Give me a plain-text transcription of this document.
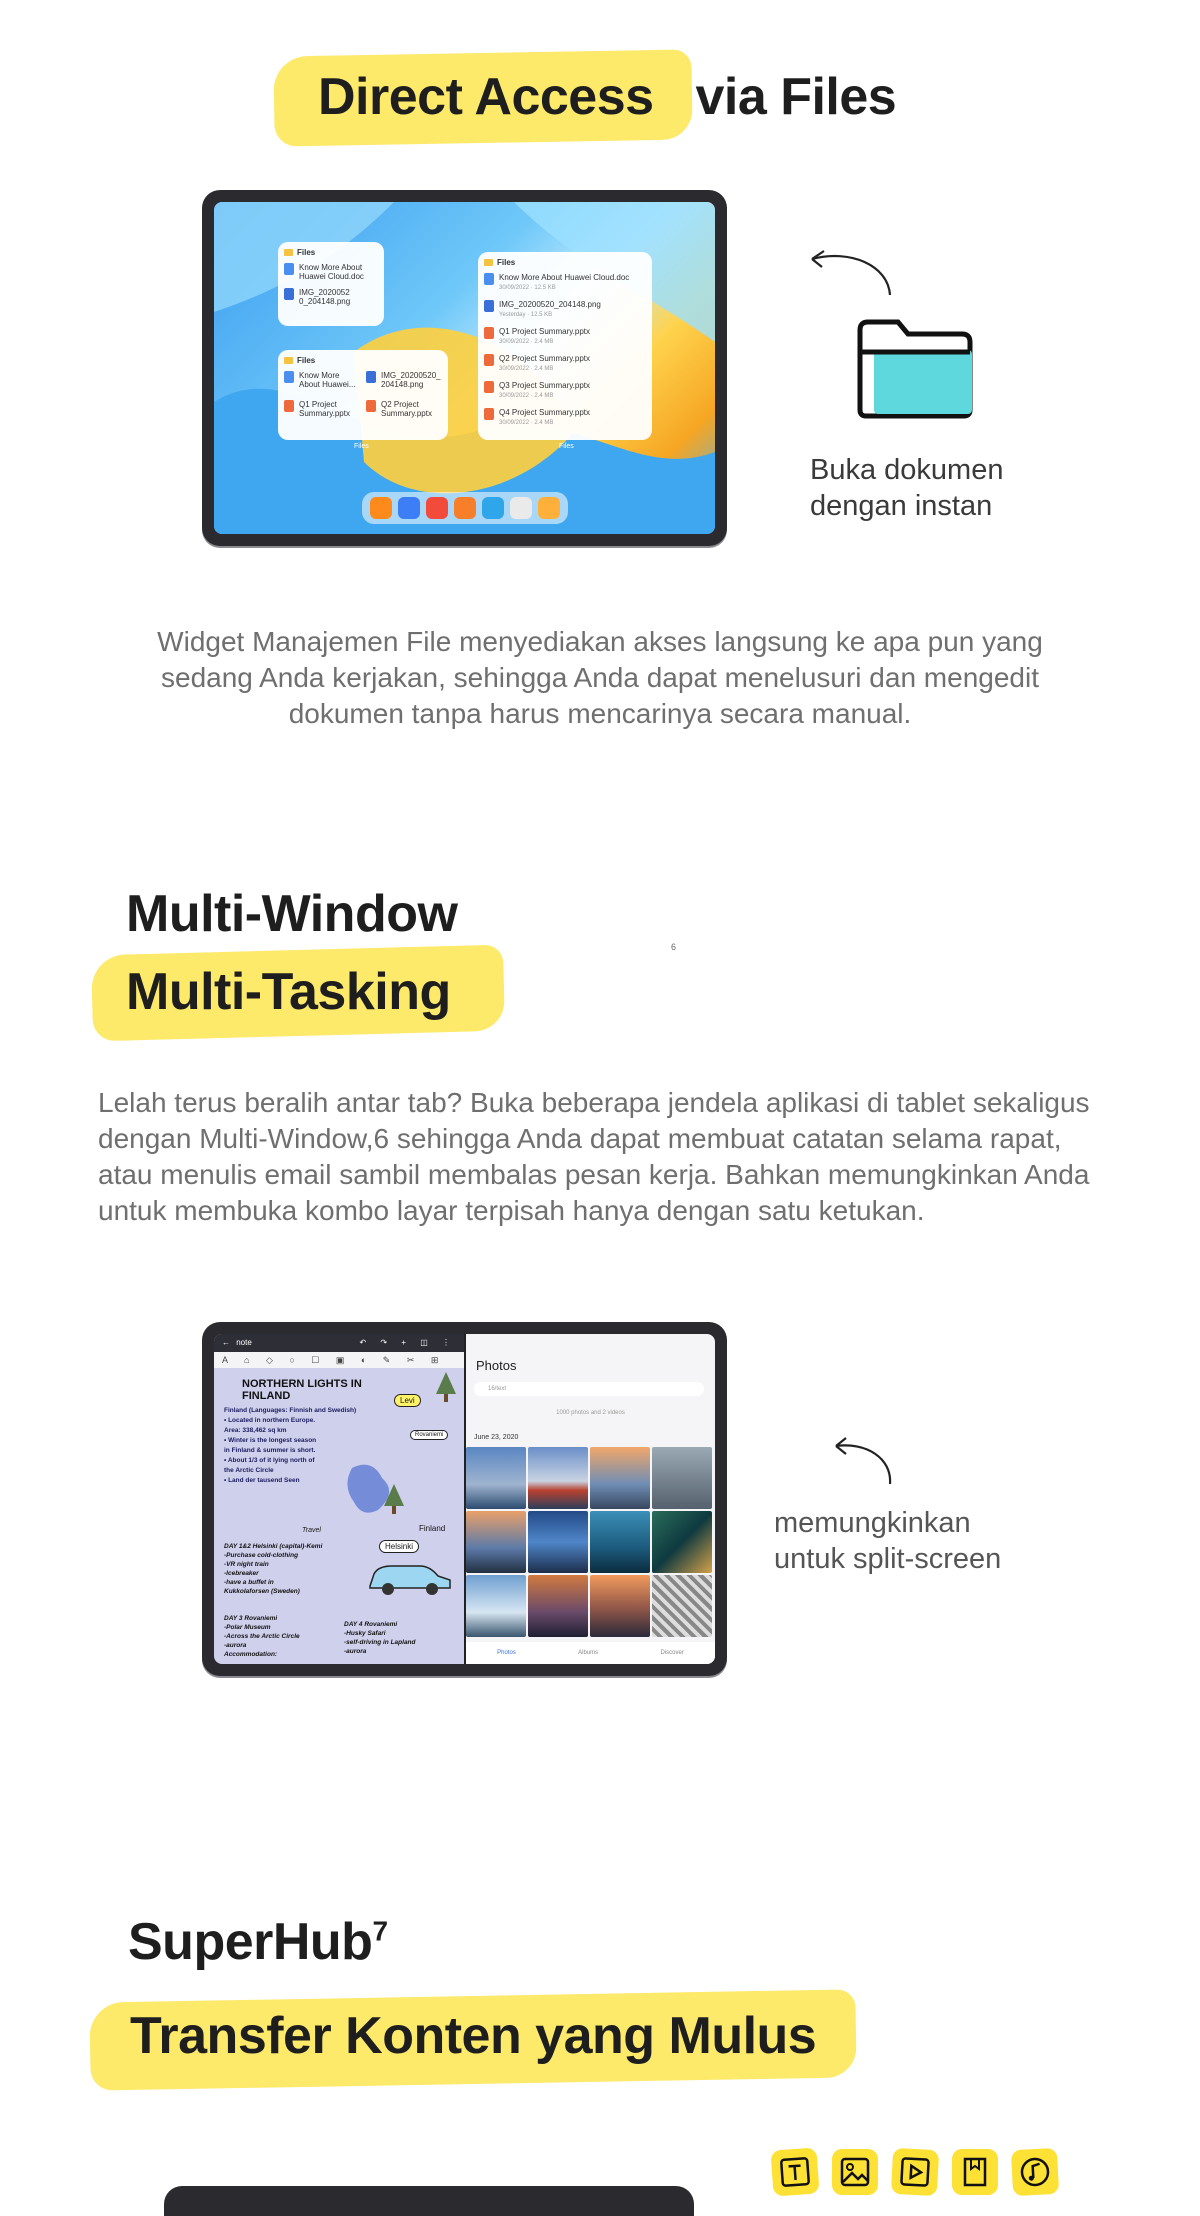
Direct Access via Files
Files
Know More About Huawei Cloud.doc
IMG_2020052 0_204148.png
Files
Know More About Huawei...
IMG_20200520_ 204148.png
Q1 Project Summary.pptx
Q2 Project Summary.pptx
Files
Files
Know More About Huawei Cloud.doc
30/09/2022 · 12.5 KB
IMG_20200520_204148.png
Yesterday · 12.5 KB
Q1 Project Summary.pptx
30/09/2022 · 2.4 MB
Q2 Project Summary.pptx
30/09/2022 · 2.4 MB
Q3 Project Summary.pptx
30/09/2022 · 2.4 MB
Q4 Project Summary.pptx
30/09/2022 · 2.4 MB
Files
Buka dokumen
dengan instan
Widget Manajemen File menyediakan akses langsung ke apa pun yang sedang Anda kerjakan, sehingga Anda dapat menelusuri dan mengedit dokumen tanpa harus mencarinya secara manual.
Multi-Window
6
Multi-Tasking
Lelah terus beralih antar tab? Buka beberapa jendela aplikasi di tablet sekaligus dengan Multi-Window,6 sehingga Anda dapat membuat catatan selama rapat, atau menulis email sambil membalas pesan kerja. Bahkan memungkinkan Anda untuk membuka kombo layar terpisah hanya dengan satu ketukan.
← note	↶ ↷ + ◫ ⋮
A ⌂ ◇ ○ ☐ ▣ ◐ ✎ ✂ ⊞
NORTHERN LIGHTS IN FINLAND
Finland (Languages: Finnish and Swedish)
• Located in northern Europe.
Area: 338,462 sq km
• Winter is the longest season
in Finland & summer is short.
• About 1/3 of it lying north of
the Arctic Circle
• Land der tausend Seen
Levi
Rovaniemi
Helsinki
Finland
Travel
DAY 1&2 Helsinki (capital)-Kemi
-Purchase cold-clothing
-VR night train
-Icebreaker
-have a buffet in
Kukkolaforsen (Sweden)
DAY 3 Rovaniemi
-Polar Museum
-Across the Arctic Circle
-aurora
Accommodation:
DAY 4 Rovaniemi
-Husky Safari
-self-driving in Lapland
-aurora
Photos
16/text
1000 photos and 2 videos
June 23, 2020
Photos	Albums	Discover
memungkinkan
untuk split-screen
SuperHub$^7$
Transfer Konten yang Mulus
